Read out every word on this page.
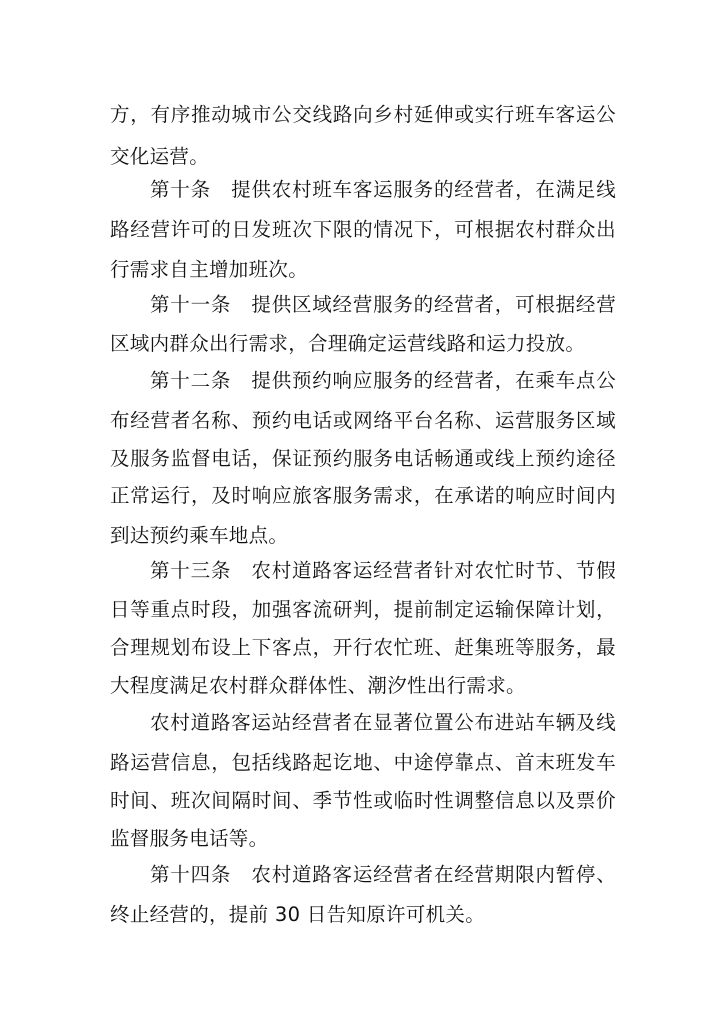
方，有序推动城市公交线路向乡村延伸或实行班车客运公
交化运营。
第十条　提供农村班车客运服务的经营者，在满足线
路经营许可的日发班次下限的情况下，可根据农村群众出
行需求自主增加班次。
第十一条　提供区域经营服务的经营者，可根据经营
区域内群众出行需求，合理确定运营线路和运力投放。
第十二条　提供预约响应服务的经营者，在乘车点公
布经营者名称、预约电话或网络平台名称、运营服务区域
及服务监督电话，保证预约服务电话畅通或线上预约途径
正常运行，及时响应旅客服务需求，在承诺的响应时间内
到达预约乘车地点。
第十三条　农村道路客运经营者针对农忙时节、节假
日等重点时段，加强客流研判，提前制定运输保障计划，
合理规划布设上下客点，开行农忙班、赶集班等服务，最
大程度满足农村群众群体性、潮汐性出行需求。
农村道路客运站经营者在显著位置公布进站车辆及线
路运营信息，包括线路起讫地、中途停靠点、首末班发车
时间、班次间隔时间、季节性或临时性调整信息以及票价
监督服务电话等。
第十四条　农村道路客运经营者在经营期限内暂停、
终止经营的，提前 30 日告知原许可机关。
